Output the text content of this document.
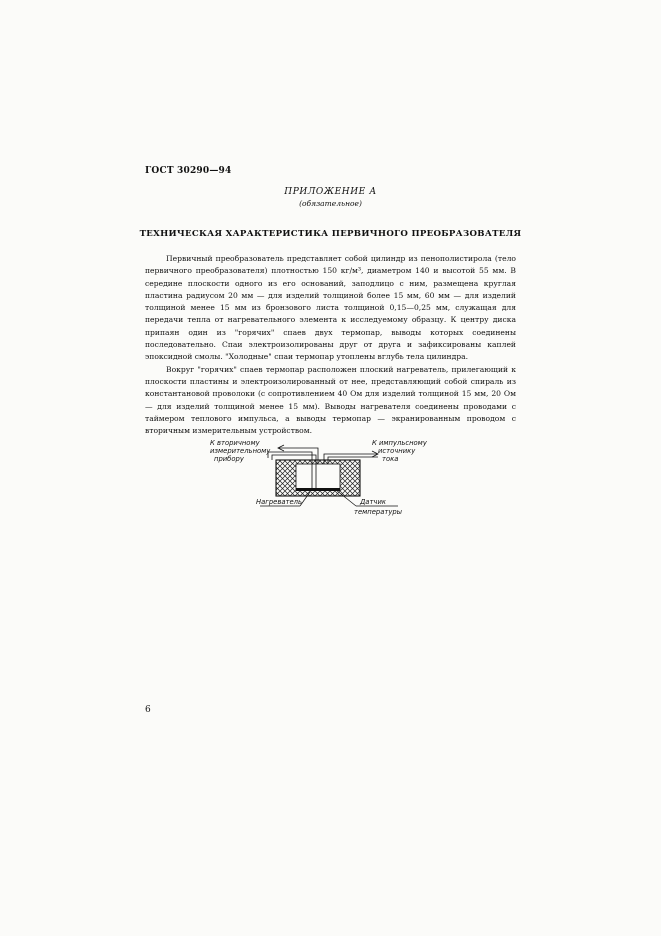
ГОСТ 30290—94
ПРИЛОЖЕНИЕ А
(обязательное)
ТЕХНИЧЕСКАЯ ХАРАКТЕРИСТИКА ПЕРВИЧНОГО ПРЕОБРАЗОВАТЕЛЯ

Первичный преобразователь представляет собой цилиндр из пенополистирола (тело первичного преобразователя) плотностью 150 кг/м³, диаметром 140 и высотой 55 мм. В середине плоскости одного из его оснований, заподлицо с ним, размещена круглая пластина радиусом 20 мм — для изделий толщиной более 15 мм, 60 мм — для изделий толщиной менее 15 мм из бронзового листа толщиной 0,15—0,25 мм, служащая для передачи тепла от нагревательного элемента к исследуемому образцу. К центру диска припаян один из "горячих" спаев двух термопар, выводы которых соединены последовательно. Спаи электроизолированы друг от друга и зафиксированы каплей эпоксидной смолы. "Холодные" спаи термопар утоплены вглубь тела цилиндра.

Вокруг "горячих" спаев термопар расположен плоский нагреватель, прилегающий к плоскости пластины и электроизолированный от нее, представляющий собой спираль из константановой проволоки (с сопротивлением 40 Ом для изделий толщиной 15 мм, 20 Ом — для изделий толщиной менее 15 мм). Выводы нагревателя соединены проводами с таймером теплового импульса, а выводы термопар — экранированным проводом с вторичным измерительным устройством.

К вторичному
измерительному
прибору
К импульсному
источнику
тока
Нагреватель	Датчик
температуры
6
